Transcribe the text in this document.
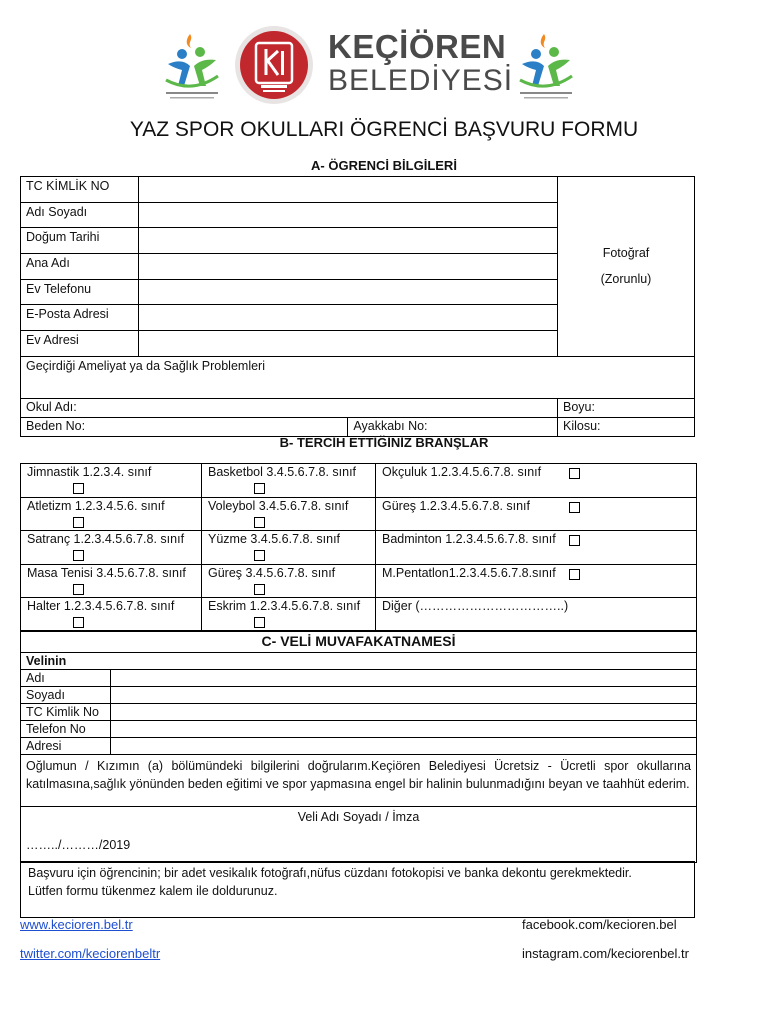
KEÇİÖREN
BELEDİYESİ
YAZ SPOR OKULLARI ÖGRENCİ BAŞVURU FORMU
A- ÖGRENCİ BİLGİLERİ
TC KİMLİK NO			Fotoğraf
(Zorunlu)
Adı Soyadı			
Doğum Tarihi			
Ana Adı			
Ev Telefonu			
E-Posta Adresi			
Ev Adresi			
Geçirdiği Ameliyat ya da Sağlık Problemleri			
Okul Adı:			Boyu:
Beden No:		Ayakkabı No:	Kilosu:
B- TERCİH ETTİĞİNİZ BRANŞLAR
Jimnastik 1.2.3.4. sınıf	Basketbol 3.4.5.6.7.8. sınıf	Okçuluk 1.2.3.4.5.6.7.8. sınıf

Atletizm 1.2.3.4.5.6. sınıf	Voleybol 3.4.5.6.7.8. sınıf	Güreş 1.2.3.4.5.6.7.8. sınıf

Satranç 1.2.3.4.5.6.7.8. sınıf	Yüzme 3.4.5.6.7.8. sınıf	Badminton 1.2.3.4.5.6.7.8. sınıf

Masa Tenisi 3.4.5.6.7.8. sınıf	Güreş 3.4.5.6.7.8. sınıf	M.Pentatlon1.2.3.4.5.6.7.8.sınıf

Halter 1.2.3.4.5.6.7.8. sınıf	Eskrim 1.2.3.4.5.6.7.8. sınıf	Diğer (……………………………..)
C- VELİ MUVAFAKATNAMESİ	
Velinin	
Adı	
Soyadı	
TC Kimlik No	
Telefon No	
Adresi	
Oğlumun / Kızımın (a) bölümündeki bilgilerini doğrularım.Keçiören Belediyesi Ücretsiz - Ücretli spor okullarına katılmasına,sağlık yönünden beden eğitimi ve spor yapmasına engel bir halinin bulunmadığını beyan ve taahhüt ederim.	

Veli Adı Soyadı / İmza
……../………/2019	
Başvuru için öğrencinin; bir adet vesikalık fotoğrafı,nüfus cüzdanı fotokopisi ve banka dekontu gerekmektedir.
Lütfen formu tükenmez kalem ile doldurunuz.
www.kecioren.bel.tr	facebook.com/kecioren.bel
twitter.com/keciorenbeltr	instagram.com/keciorenbel.tr
